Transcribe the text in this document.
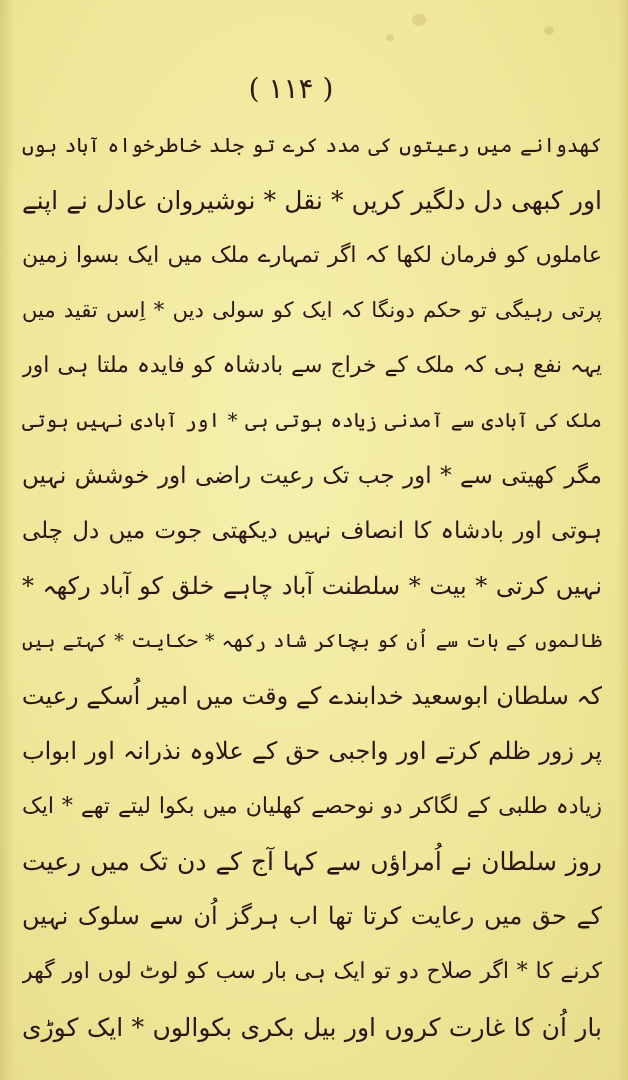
( ۱۱۴ )
کھدوانے میں رعیتوں کی مدد کرے تو جلد خاطرخواہ آباد ہوں
اور کبھی دل دلگیر کریں * نقل * نوشیروان عادل نے اپنے
عاملوں کو فرمان لکھا کہ اگر تمہارے ملک میں ایک بسوا زمین
پرتی رہیگی تو حکم دونگا کہ ایک کو سولی دیں * اِسں تقید میں
یہہ نفع ہی کہ ملک کے خراج سے بادشاہ کو فایدہ ملتا ہی اور
ملک کی آبادی سے آمدنی زیادہ ہوتی ہی * اور آبادی نہیں ہوتی
مگر کھیتی سے * اور جب تک رعیت راضی اور خوشش نہیں
ہوتی اور بادشاہ کا انصاف نہیں دیکھتی جوت میں دل چلی
نہیں کرتی * بیت * سلطنت آباد چاہے خلق کو آباد رکھہ *
ظالموں کے ہات سے اُن کو بچاکر شاد رکھہ * حکایت * کہتے ہیں
کہ سلطان ابوسعید خدابندے کے وقت میں امیر اُسکے رعیت
پر زور ظلم کرتے اور واجبی حق کے علاوہ نذرانہ اور ابواب
زیادہ طلبی کے لگاکر دو نوحصے کھلیان میں بکوا لیتے تھے * ایک
روز سلطان نے اُمراؤں سے کہا آج کے دن تک میں رعیت
کے حق میں رعایت کرتا تھا اب ہرگز اُن سے سلوک نہیں
کرنے کا * اگر صلاح دو تو ایک ہی بار سب کو لوٹ لوں اور گھر
بار اُن کا غارت کروں اور بیل بکری بکوالوں * ایک کوڑی
